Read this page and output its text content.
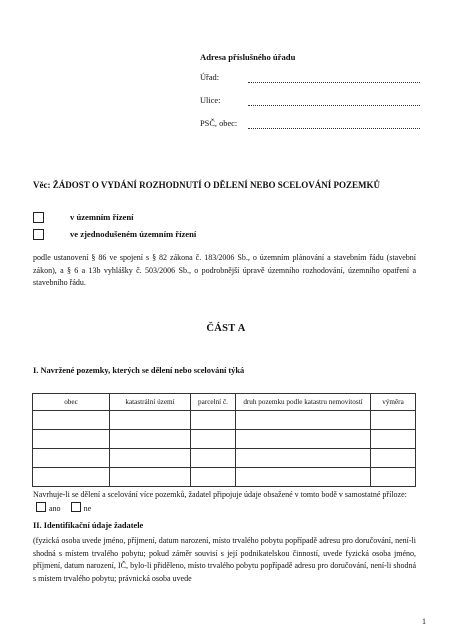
Adresa příslušného úřadu
Úřad:
Ulice:
PSČ, obec:
Věc: ŽÁDOST O VYDÁNÍ ROZHODNUTÍ O DĚLENÍ NEBO SCELOVÁNÍ POZEMKŮ
v územním řízení
ve zjednodušeném územním řízení
podle ustanovení § 86 ve spojení s § 82 zákona č. 183/2006 Sb., o územním plánování a stavebním řádu (stavební zákon), a § 6 a 13b vyhlášky č. 503/2006 Sb., o podrobnější úpravě územního rozhodování, územního opatření a stavebního řádu.
ČÁST A
I. Navržené pozemky, kterých se dělení nebo scelování týká
obec	katastrální území	parcelní č.	druh pozemku podle katastru nemovitostí	výměra

Navrhuje-li se dělení a scelování více pozemků, žadatel připojuje údaje obsažené v tomto bodě v samostatné příloze: ano	ne
II. Identifikační údaje žadatele
(fyzická osoba uvede jméno, příjmení, datum narození, místo trvalého pobytu popřípadě adresu pro doručování, není-li shodná s místem trvalého pobytu; pokud záměr souvisí s její podnikatelskou činností, uvede fyzická osoba jméno, příjmení, datum narození, IČ, bylo-li přiděleno, místo trvalého pobytu popřípadě adresu pro doručování, není-li shodná s místem trvalého pobytu; právnická osoba uvede
1
